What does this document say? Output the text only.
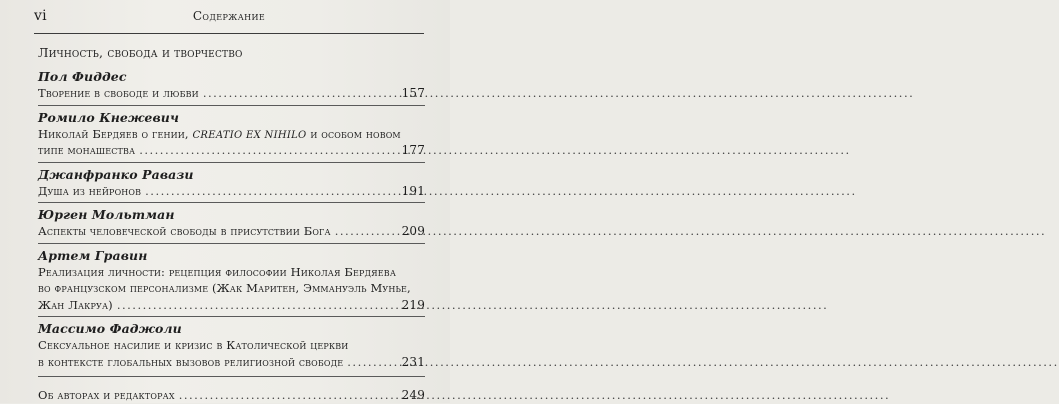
vi	Содержание
Личность, свобода и творчество
Пол Фиддес
Творение в свободе и любви .....	157
Ромило Кнежевич
Николай Бердяев о гении, CREATIO EX NIHILO и особом новом
типе монашества .....	177
Джанфранко Равази
Душа из нейронов .....	191
Юрген Мольтман
Аспекты человеческой свободы в присутствии Бога .....	209
Артем Гравин
Реализация личности: рецепция философии Николая Бердяева
во французском персонализме (Жак Маритен, Эммануэль Мунье,
Жан Лакруа) .....	219
Массимо Фаджоли
Сексуальное насилие и кризис в Католической церкви
в контексте глобальных вызовов религиозной свободе .....	231
Об авторах и редакторах .....	249
